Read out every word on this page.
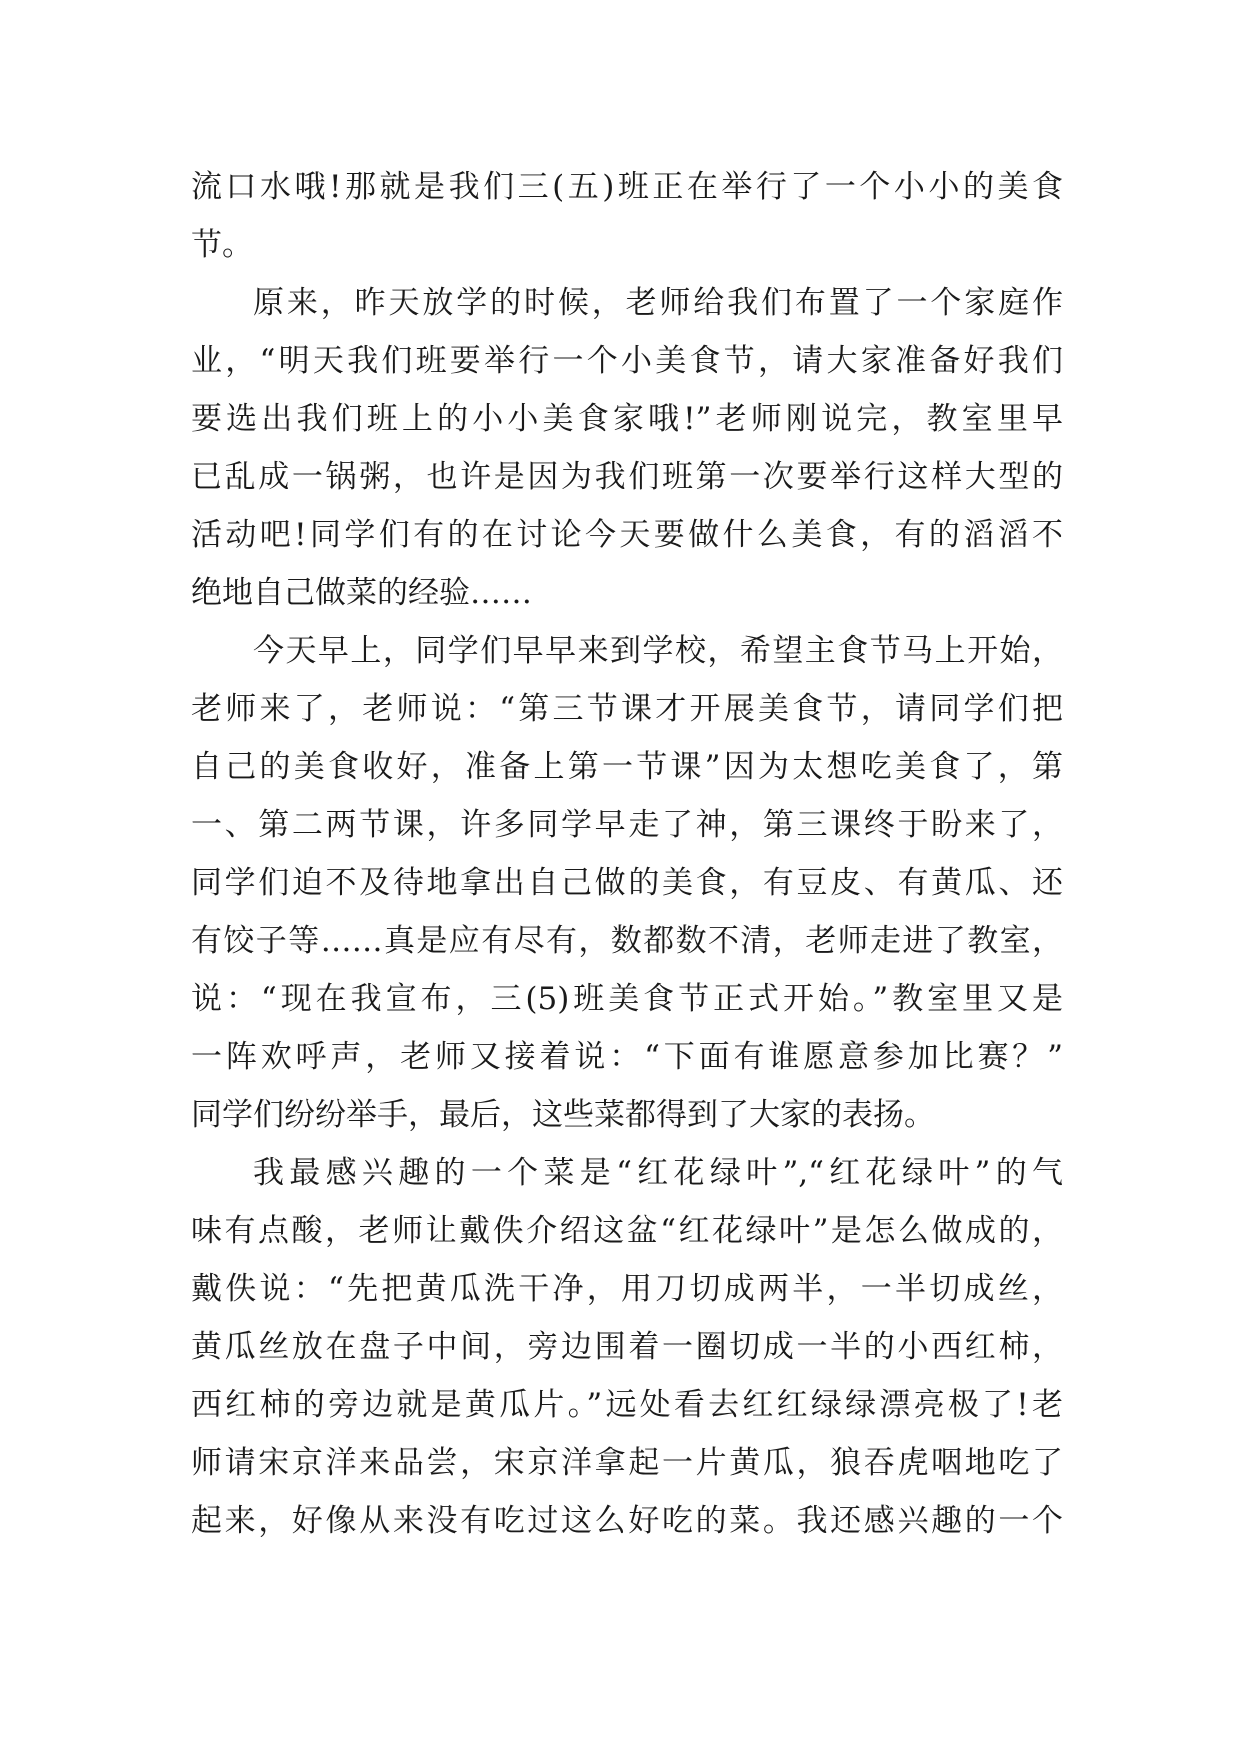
流口水哦!那就是我们三(五)班正在举行了一个小小的美食
节。
原来，昨天放学的时候，老师给我们布置了一个家庭作
业，“明天我们班要举行一个小美食节，请大家准备好我们
要选出我们班上的小小美食家哦!”老师刚说完，教室里早
已乱成一锅粥，也许是因为我们班第一次要举行这样大型的
活动吧!同学们有的在讨论今天要做什么美食，有的滔滔不
绝地自己做菜的经验……
今天早上，同学们早早来到学校，希望主食节马上开始，
老师来了，老师说：“第三节课才开展美食节，请同学们把
自己的美食收好，准备上第一节课”因为太想吃美食了，第
一、第二两节课，许多同学早走了神，第三课终于盼来了，
同学们迫不及待地拿出自己做的美食，有豆皮、有黄瓜、还
有饺子等……真是应有尽有，数都数不清，老师走进了教室，
说：“现在我宣布，三(5)班美食节正式开始。”教室里又是
一阵欢呼声，老师又接着说：“下面有谁愿意参加比赛？”
同学们纷纷举手，最后，这些菜都得到了大家的表扬。
我最感兴趣的一个菜是“红花绿叶”,“红花绿叶”的气
味有点酸，老师让戴佚介绍这盆“红花绿叶”是怎么做成的，
戴佚说：“先把黄瓜洗干净，用刀切成两半，一半切成丝，
黄瓜丝放在盘子中间，旁边围着一圈切成一半的小西红柿，
西红柿的旁边就是黄瓜片。”远处看去红红绿绿漂亮极了!老
师请宋京洋来品尝，宋京洋拿起一片黄瓜，狼吞虎咽地吃了
起来，好像从来没有吃过这么好吃的菜。我还感兴趣的一个
